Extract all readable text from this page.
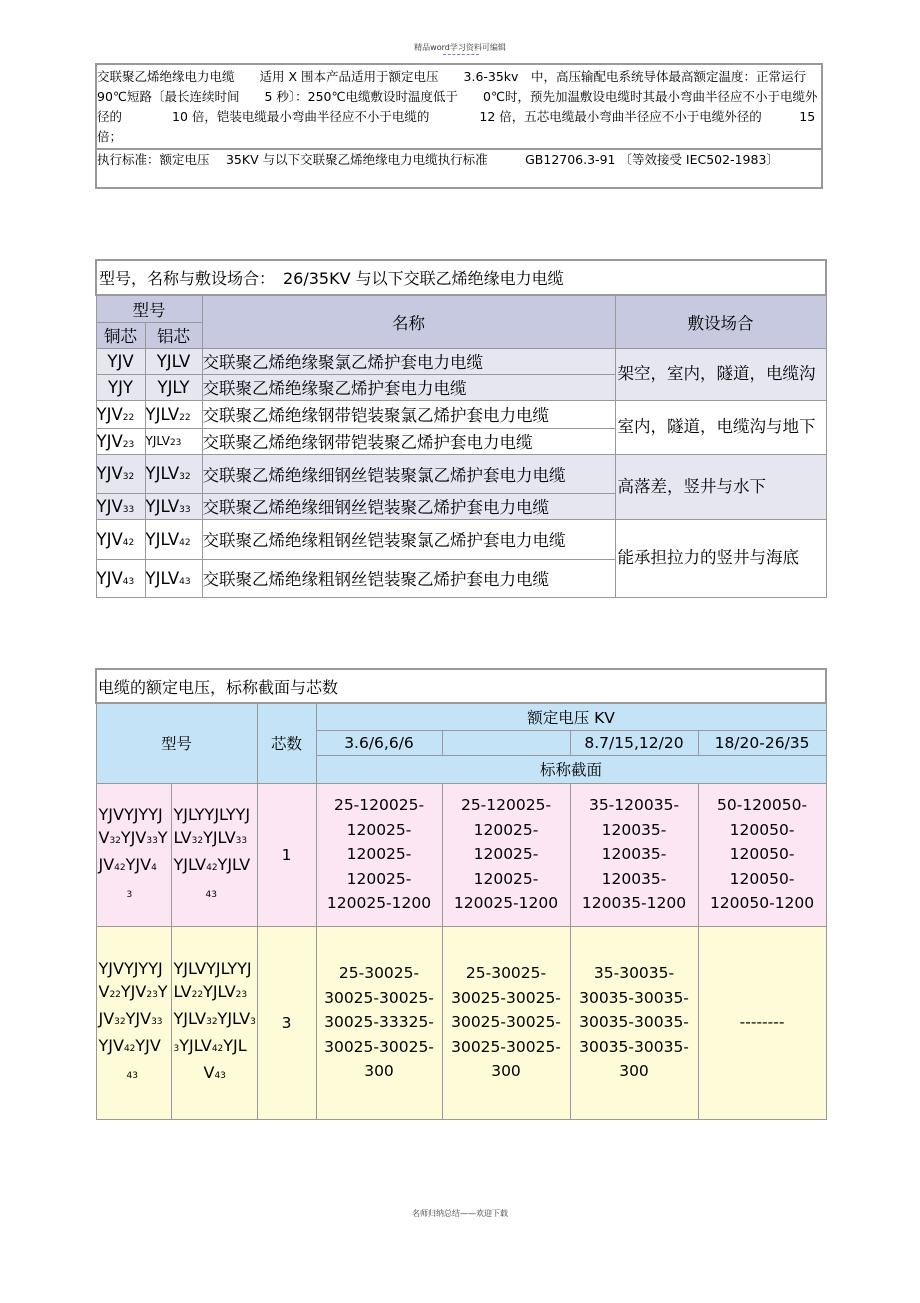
精品word学习资料可编辑
交联聚乙烯绝缘电力电缆　　适用 X 围本产品适用于额定电压　　3.6-35kv　中，高压输配电系统导体最高额定温度：正常运行　90℃短路〔最长连续时间　　5 秒〕：250℃电缆敷设时温度低于　　0℃时，预先加温敷设电缆时其最小弯曲半径应不小于电缆外径的　　　　10 倍，铠装电缆最小弯曲半径应不小于电缆的　　　　12 倍，五芯电缆最小弯曲半径应不小于电缆外径的　　　15 倍；
执行标准：额定电压　 35KV 与以下交联聚乙烯绝缘电力电缆执行标准　　　GB12706.3-91 〔等效接受 IEC502-1983〕
型号，名称与敷设场合：　26/35KV 与以下交联乙烯绝缘电力电缆			
型号		名称	敷设场合
铜芯	铝芯		
YJV	YJLV	交联聚乙烯绝缘聚氯乙烯护套电力电缆	架空，室内，隧道，电缆沟
YJY	YJLY	交联聚乙烯绝缘聚乙烯护套电力电缆	
YJV22	YJLV22	交联聚乙烯绝缘钢带铠装聚氯乙烯护套电力电缆	室内，隧道，电缆沟与地下
YJV23	YJLV23	交联聚乙烯绝缘钢带铠装聚乙烯护套电力电缆	
YJV32	YJLV32	交联聚乙烯绝缘细钢丝铠装聚氯乙烯护套电力电缆	高落差，竖井与水下
YJV33	YJLV33	交联聚乙烯绝缘细钢丝铠装聚乙烯护套电力电缆	
YJV42	YJLV42	交联聚乙烯绝缘粗钢丝铠装聚氯乙烯护套电力电缆	能承担拉力的竖井与海底
YJV43	YJLV43	交联聚乙烯绝缘粗钢丝铠装聚乙烯护套电力电缆	
电缆的额定电压，标称截面与芯数						
型号		芯数	额定电压 KV			
			3.6/6,6/6		8.7/15,12/20	18/20-26/35
			标称截面			
YJVYJYYJV32YJV33YJV42YJV4
3	YJLYYJLYYJLV32YJLV33YJLV42YJLV
43	1	25-120025-
120025-
120025-
120025-
120025-1200	25-120025-
120025-
120025-
120025-
120025-1200	35-120035-
120035-
120035-
120035-
120035-1200	50-120050-
120050-
120050-
120050-
120050-1200
YJVYJYYJV22YJV23YJV32YJV33YJV42YJV
43	YJLVYJLYYJLV22YJLV23YJLV32YJLV33YJLV42YJL
V43	3	25-30025-
30025-30025-
30025-33325-
30025-30025-
300	25-30025-
30025-30025-
30025-30025-
30025-30025-
300	35-30035-
30035-30035-
30035-30035-
30035-30035-
300	--------
名师归纳总结——欢迎下载
